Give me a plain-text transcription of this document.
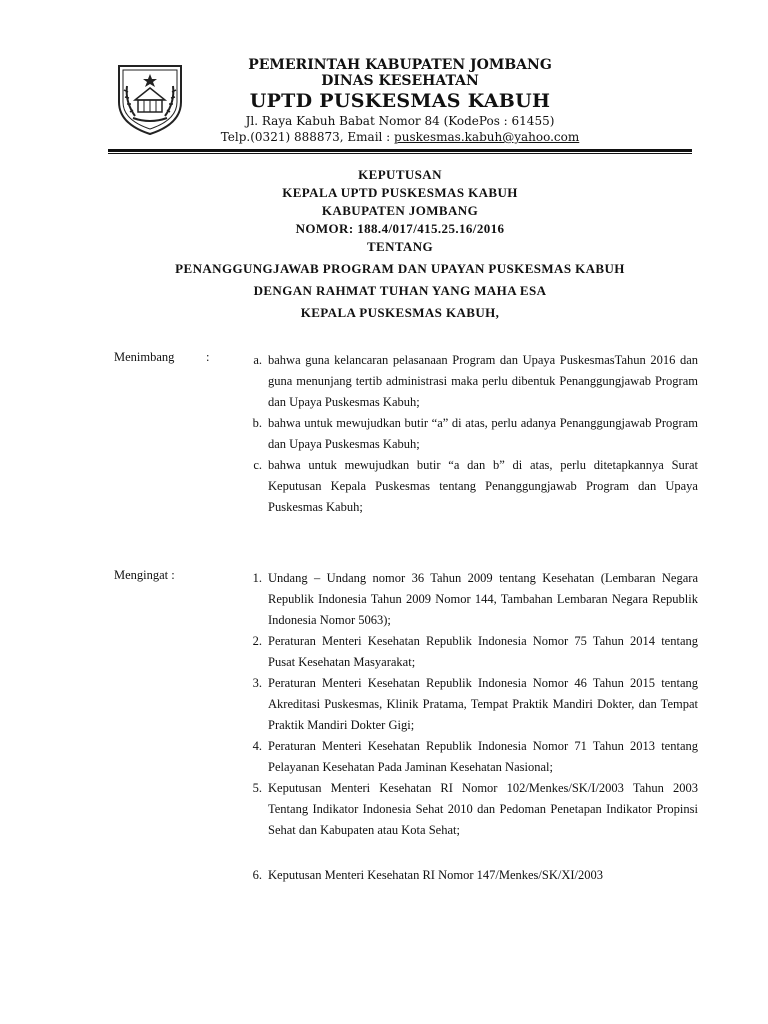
PEMERINTAH KABUPATEN JOMBANG
DINAS KESEHATAN
UPTD PUSKESMAS KABUH
Jl. Raya Kabuh Babat Nomor 84 (KodePos : 61455)
Telp.(0321) 888873, Email : puskesmas.kabuh@yahoo.com
KEPUTUSAN
KEPALA UPTD PUSKESMAS KABUH
KABUPATEN JOMBANG
NOMOR: 188.4/017/415.25.16/2016
TENTANG
PENANGGUNGJAWAB PROGRAM DAN UPAYAN PUSKESMAS KABUH
DENGAN RAHMAT TUHAN YANG MAHA ESA
KEPALA PUSKESMAS KABUH,
Menimbang	:	a. bahwa guna kelancaran pelasanaan Program dan Upaya PuskesmasTahun 2016 dan guna menunjang tertib administrasi maka perlu dibentuk Penanggungjawab Program dan Upaya Puskesmas Kabuh;
b. bahwa untuk mewujudkan butir “a” di atas, perlu adanya Penanggungjawab Program dan Upaya Puskesmas Kabuh;
c. bahwa untuk mewujudkan butir “a dan b” di atas, perlu ditetapkannya Surat Keputusan Kepala Puskesmas tentang Penanggungjawab Program dan Upaya Puskesmas Kabuh;
Mengingat :	1. Undang – Undang nomor 36 Tahun 2009 tentang Kesehatan (Lembaran Negara Republik Indonesia Tahun 2009 Nomor 144, Tambahan Lembaran Negara Republik Indonesia Nomor 5063);
2. Peraturan Menteri Kesehatan Republik Indonesia Nomor 75 Tahun 2014 tentang Pusat Kesehatan Masyarakat;
3. Peraturan Menteri Kesehatan Republik Indonesia Nomor 46 Tahun 2015 tentang Akreditasi Puskesmas, Klinik Pratama, Tempat Praktik Mandiri Dokter, dan Tempat Praktik Mandiri Dokter Gigi;
4. Peraturan Menteri Kesehatan Republik Indonesia Nomor 71 Tahun 2013 tentang Pelayanan Kesehatan Pada Jaminan Kesehatan Nasional;
5. Keputusan Menteri Kesehatan RI Nomor 102/Menkes/SK/I/2003 Tahun 2003 Tentang Indikator Indonesia Sehat 2010 dan Pedoman Penetapan Indikator Propinsi Sehat dan Kabupaten atau Kota Sehat;
6. Keputusan Menteri Kesehatan RI Nomor 147/Menkes/SK/XI/2003
